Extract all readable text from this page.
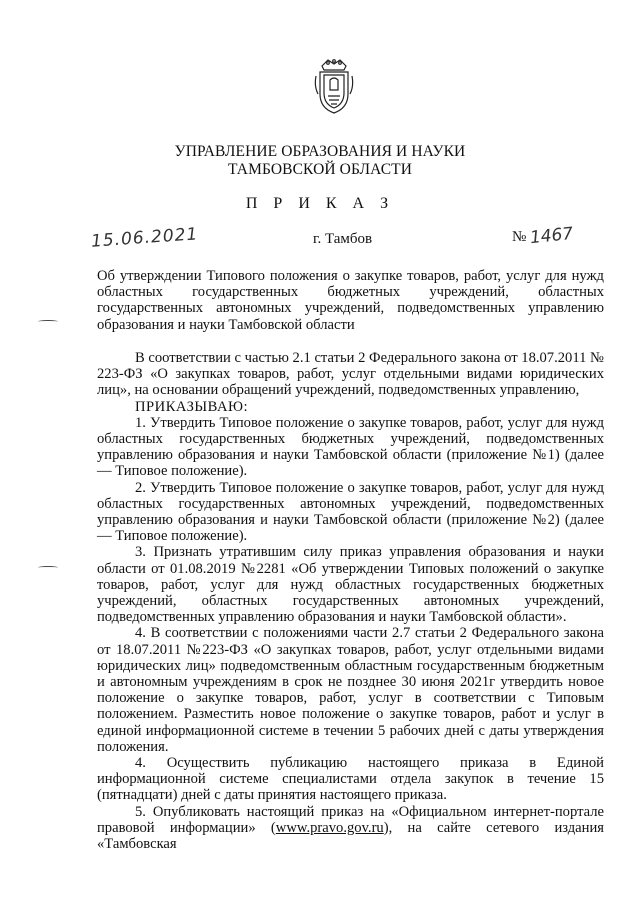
УПРАВЛЕНИЕ ОБРАЗОВАНИЯ И НАУКИ
ТАМБОВСКОЙ ОБЛАСТИ
П Р И К А З
15.06.2021	г. Тамбов	№ 1467
Об утверждении Типового положения о закупке товаров, работ, услуг для нужд областных государственных бюджетных учреждений, областных государственных автономных учреждений, подведомственных управлению образования и науки Тамбовской области

В соответствии с частью 2.1 статьи 2 Федерального закона от 18.07.2011 № 223-ФЗ «О закупках товаров, работ, услуг отдельными видами юридических лиц», на основании обращений учреждений, подведомственных управлению,

ПРИКАЗЫВАЮ:

1. Утвердить Типовое положение о закупке товаров, работ, услуг для нужд областных государственных бюджетных учреждений, подведомственных управлению образования и науки Тамбовской области (приложение №1) (далее — Типовое положение).

2. Утвердить Типовое положение о закупке товаров, работ, услуг для нужд областных государственных автономных учреждений, подведомственных управлению образования и науки Тамбовской области (приложение №2) (далее — Типовое положение).

3. Признать утратившим силу приказ управления образования и науки области от 01.08.2019 №2281 «Об утверждении Типовых положений о закупке товаров, работ, услуг для нужд областных государственных бюджетных учреждений, областных государственных автономных учреждений, подведомственных управлению образования и науки Тамбовской области».

4. В соответствии с положениями части 2.7 статьи 2 Федерального закона от 18.07.2011 №223-ФЗ «О закупках товаров, работ, услуг отдельными видами юридических лиц» подведомственным областным государственным бюджетным и автономным учреждениям в срок не позднее 30 июня 2021г утвердить новое положение о закупке товаров, работ, услуг в соответствии с Типовым положением. Разместить новое положение о закупке товаров, работ и услуг в единой информационной системе в течении 5 рабочих дней с даты утверждения положения.

4. Осуществить публикацию настоящего приказа в Единой информационной системе специалистами отдела закупок в течение 15 (пятнадцати) дней с даты принятия настоящего приказа.

5. Опубликовать настоящий приказ на «Официальном интернет-портале правовой информации» (www.pravo.gov.ru), на сайте сетевого издания «Тамбовская
